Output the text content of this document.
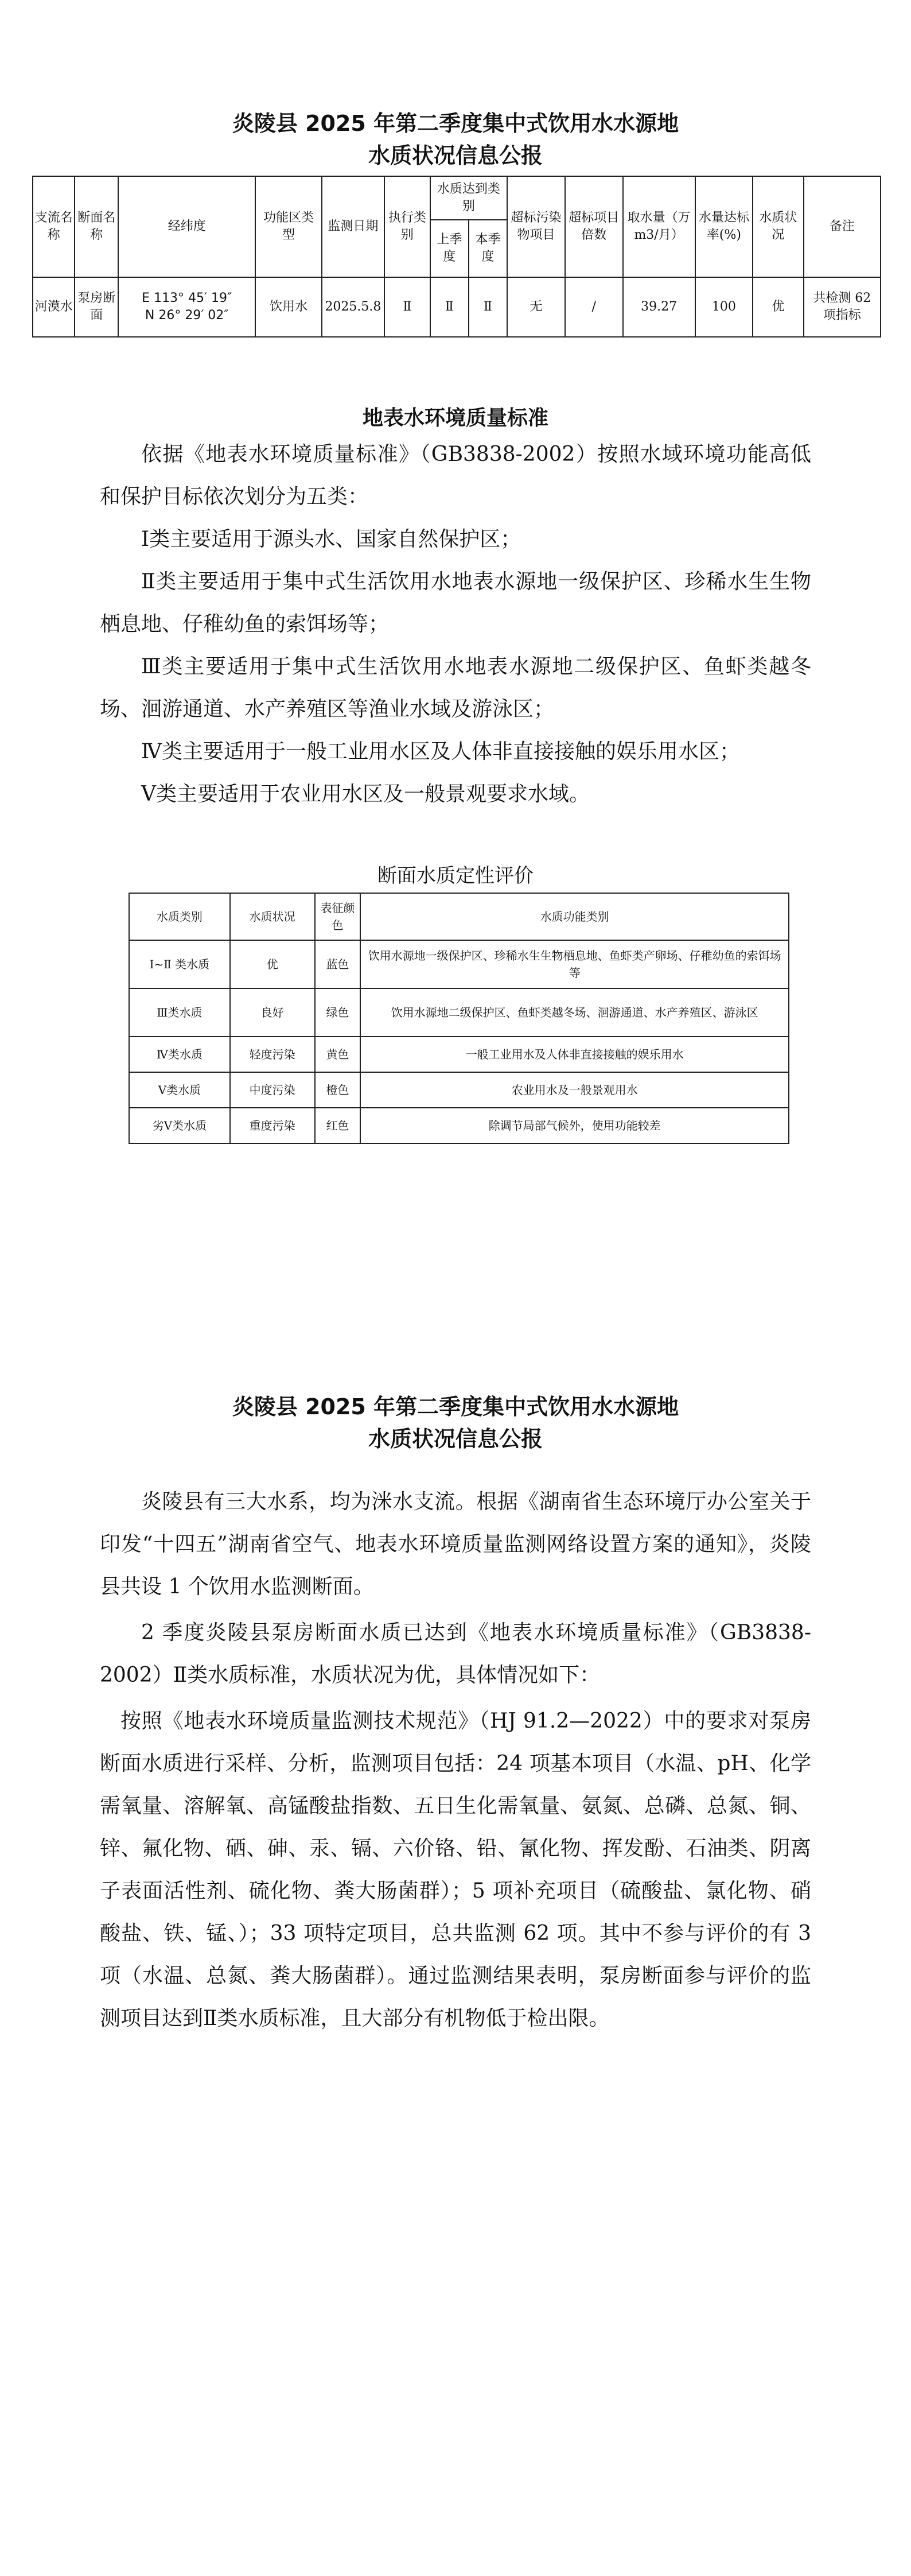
炎陵县 2025 年第二季度集中式饮用水水源地
水质状况信息公报
支流名称	断面名称	经纬度	功能区类型	监测日期	执行类别	水质达到类别		超标污染物项目	超标项目倍数	取水量（万m3/月）	水量达标率(%)	水质状况	备注
						上季度	本季度						
河漠水	泵房断面	E 113° 45′ 19″
N 26° 29′ 02″	饮用水	2025.5.8	Ⅱ	Ⅱ	Ⅱ	无	/	39.27	100	优	共检测 62 项指标
地表水环境质量标准

依据《地表水环境质量标准》（GB3838-2002）按照水域环境功能高低和保护目标依次划分为五类：

Ⅰ类主要适用于源头水、国家自然保护区；

Ⅱ类主要适用于集中式生活饮用水地表水源地一级保护区、珍稀水生生物栖息地、仔稚幼鱼的索饵场等；

Ⅲ类主要适用于集中式生活饮用水地表水源地二级保护区、鱼虾类越冬场、洄游通道、水产养殖区等渔业水域及游泳区；

Ⅳ类主要适用于一般工业用水区及人体非直接接触的娱乐用水区；

Ⅴ类主要适用于农业用水区及一般景观要求水域。

断面水质定性评价
水质类别	水质状况	表征颜色	水质功能类别
Ⅰ~Ⅱ 类水质	优	蓝色	饮用水源地一级保护区、珍稀水生生物栖息地、鱼虾类产卵场、仔稚幼鱼的索饵场等
Ⅲ类水质	良好	绿色	饮用水源地二级保护区、鱼虾类越冬场、洄游通道、水产养殖区、游泳区
Ⅳ类水质	轻度污染	黄色	一般工业用水及人体非直接接触的娱乐用水
Ⅴ类水质	中度污染	橙色	农业用水及一般景观用水
劣Ⅴ类水质	重度污染	红色	除调节局部气候外，使用功能较差
炎陵县 2025 年第二季度集中式饮用水水源地
水质状况信息公报

炎陵县有三大水系，均为洣水支流。根据《湖南省生态环境厅办公室关于印发“十四五”湖南省空气、地表水环境质量监测网络设置方案的通知》，炎陵县共设 1 个饮用水监测断面。

2 季度炎陵县泵房断面水质已达到《地表水环境质量标准》（GB3838-2002）Ⅱ类水质标准，水质状况为优，具体情况如下：

按照《地表水环境质量监测技术规范》（HJ 91.2—2022）中的要求对泵房断面水质进行采样、分析，监测项目包括：24 项基本项目（水温、pH、化学需氧量、溶解氧、高锰酸盐指数、五日生化需氧量、氨氮、总磷、总氮、铜、锌、氟化物、硒、砷、汞、镉、六价铬、铅、氰化物、挥发酚、石油类、阴离子表面活性剂、硫化物、粪大肠菌群）；5 项补充项目（硫酸盐、氯化物、硝酸盐、铁、锰、）；33 项特定项目，总共监测 62 项。其中不参与评价的有 3 项（水温、总氮、粪大肠菌群）。通过监测结果表明，泵房断面参与评价的监测项目达到Ⅱ类水质标准，且大部分有机物低于检出限。
